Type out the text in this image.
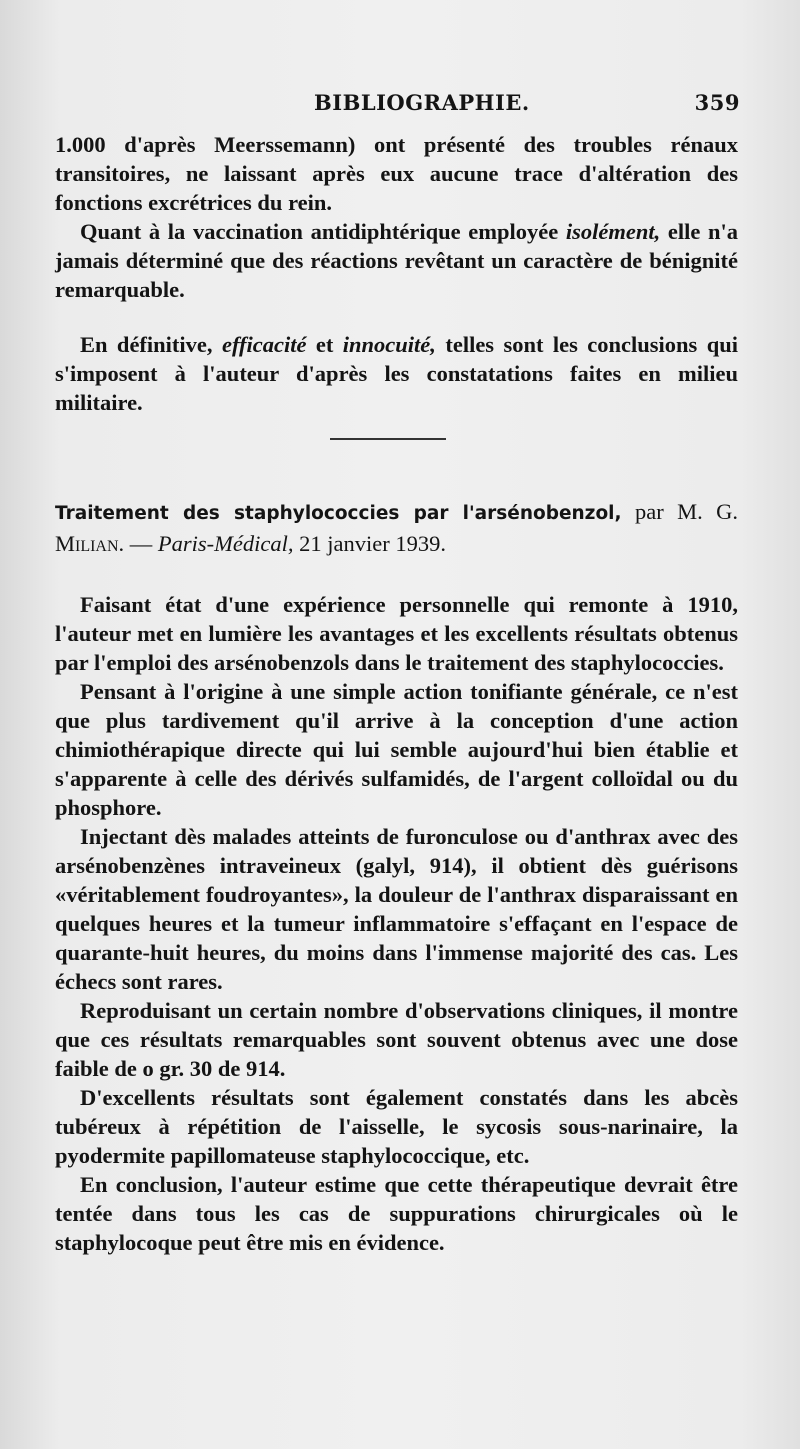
BIBLIOGRAPHIE.	359

1.000 d'après Meerssemann) ont présenté des troubles rénaux transitoires, ne laissant après eux aucune trace d'altération des fonctions excrétrices du rein.

Quant à la vaccination antidiphtérique employée isolément, elle n'a jamais déterminé que des réactions revêtant un caractère de bénignité remarquable.

En définitive, efficacité et innocuité, telles sont les conclusions qui s'imposent à l'auteur d'après les constatations faites en milieu militaire.

Traitement des staphylococcies par l'arsénobenzol, par M. G. Milian. — Paris-Médical, 21 janvier 1939.

Faisant état d'une expérience personnelle qui remonte à 1910, l'auteur met en lumière les avantages et les excellents résultats obtenus par l'emploi des arsénobenzols dans le traitement des staphylococcies.

Pensant à l'origine à une simple action tonifiante générale, ce n'est que plus tardivement qu'il arrive à la conception d'une action chimiothérapique directe qui lui semble aujourd'hui bien établie et s'apparente à celle des dérivés sulfamidés, de l'argent colloïdal ou du phosphore.

Injectant dès malades atteints de furonculose ou d'anthrax avec des arsénobenzènes intraveineux (galyl, 914), il obtient dès guérisons «véritablement foudroyantes», la douleur de l'anthrax disparaissant en quelques heures et la tumeur inflammatoire s'effaçant en l'espace de quarante-huit heures, du moins dans l'immense majorité des cas. Les échecs sont rares.

Reproduisant un certain nombre d'observations cliniques, il montre que ces résultats remarquables sont souvent obtenus avec une dose faible de o gr. 30 de 914.

D'excellents résultats sont également constatés dans les abcès tubéreux à répétition de l'aisselle, le sycosis sous-narinaire, la pyodermite papillomateuse staphylococcique, etc.

En conclusion, l'auteur estime que cette thérapeutique devrait être tentée dans tous les cas de suppurations chirurgicales où le staphylocoque peut être mis en évidence.
